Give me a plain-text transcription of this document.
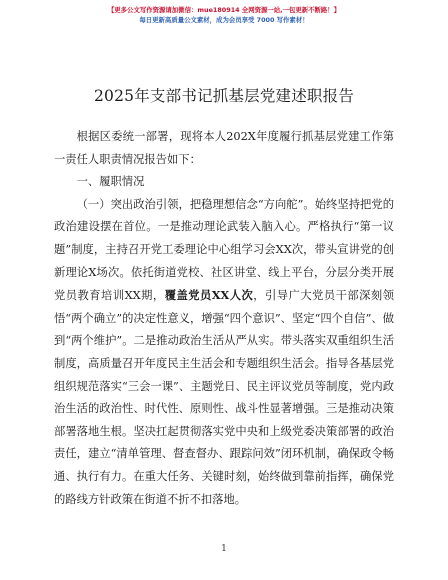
【更多公文写作资源请加微信：mue180914 全网资源一站,一包更新不断路！】
每日更新高质量公文素材，成为会员享受 7000 写作素材！
2025年支部书记抓基层党建述职报告

根据区委统一部署，现将本人202X年度履行抓基层党建工作第一责任人职责情况报告如下：

一、履职情况

（一）突出政治引领，把稳理想信念“方向舵”。始终坚持把党的政治建设摆在首位。一是推动理论武装入脑入心。严格执行“第一议题”制度，主持召开党工委理论中心组学习会XX次，带头宣讲党的创新理论X场次。依托街道党校、社区讲堂、线上平台，分层分类开展党员教育培训XX期，覆盖党员XX人次，引导广大党员干部深刻领悟“两个确立”的决定性意义，增强“四个意识”、坚定“四个自信”、做到“两个维护”。二是推动政治生活从严从实。带头落实双重组织生活制度，高质量召开年度民主生活会和专题组织生活会。指导各基层党组织规范落实“三会一课”、主题党日、民主评议党员等制度，党内政治生活的政治性、时代性、原则性、战斗性显著增强。三是推动决策部署落地生根。坚决扛起贯彻落实党中央和上级党委决策部署的政治责任，建立“清单管理、督查督办、跟踪问效”闭环机制，确保政令畅通、执行有力。在重大任务、关键时刻，始终做到靠前指挥，确保党的路线方针政策在街道不折不扣落地。

1
